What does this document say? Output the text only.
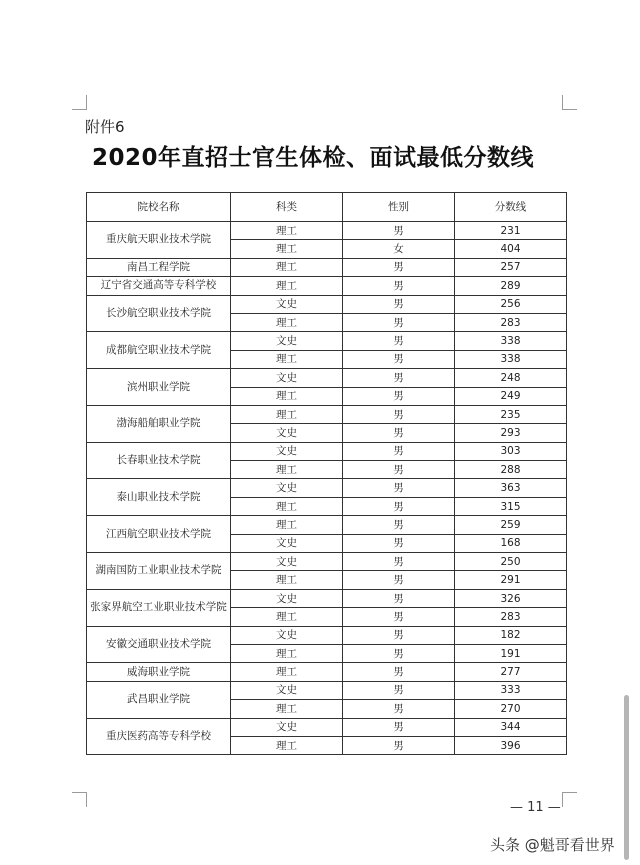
附件6
2020年直招士官生体检、面试最低分数线
院校名称	科类	性别	分数线
重庆航天职业技术学院	理工	男	231
	理工	女	404
南昌工程学院	理工	男	257
辽宁省交通高等专科学校	理工	男	289
长沙航空职业技术学院	文史	男	256
	理工	男	283
成都航空职业技术学院	文史	男	338
	理工	男	338
滨州职业学院	文史	男	248
	理工	男	249
渤海船舶职业学院	理工	男	235
	文史	男	293
长春职业技术学院	文史	男	303
	理工	男	288
泰山职业技术学院	文史	男	363
	理工	男	315
江西航空职业技术学院	理工	男	259
	文史	男	168
湖南国防工业职业技术学院	文史	男	250
	理工	男	291
张家界航空工业职业技术学院	文史	男	326
	理工	男	283
安徽交通职业技术学院	文史	男	182
	理工	男	191
威海职业学院	理工	男	277
武昌职业学院	文史	男	333
	理工	男	270
重庆医药高等专科学校	文史	男	344
	理工	男	396
— 11 —
头条 @魁哥看世界
